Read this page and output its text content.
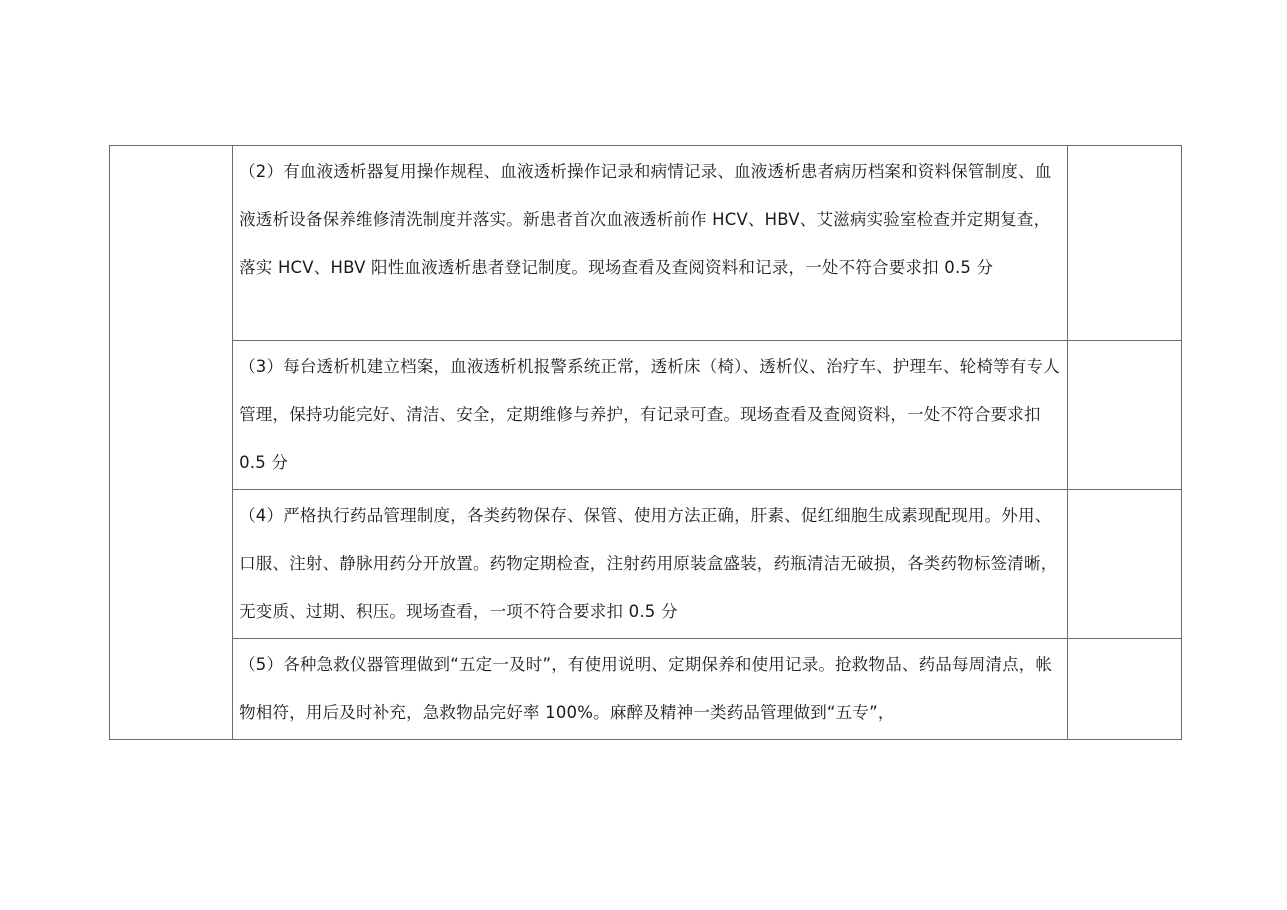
	（2）有血液透析器复用操作规程、血液透析操作记录和病情记录、血液透析患者病历档案和资料保管制度、血液透析设备保养维修清洗制度并落实。新患者首次血液透析前作 HCV、HBV、艾滋病实验室检查并定期复查，落实 HCV、HBV 阳性血液透析患者登记制度。现场查看及查阅资料和记录，一处不符合要求扣 0.5 分	

	（3）每台透析机建立档案，血液透析机报警系统正常，透析床（椅）、透析仪、治疗车、护理车、轮椅等有专人管理，保持功能完好、清洁、安全，定期维修与养护，有记录可查。现场查看及查阅资料，一处不符合要求扣 0.5 分	

	（4）严格执行药品管理制度，各类药物保存、保管、使用方法正确，肝素、促红细胞生成素现配现用。外用、口服、注射、静脉用药分开放置。药物定期检查，注射药用原装盒盛装，药瓶清洁无破损，各类药物标签清晰，无变质、过期、积压。现场查看，一项不符合要求扣 0.5 分	

	（5）各种急救仪器管理做到“五定一及时”，有使用说明、定期保养和使用记录。抢救物品、药品每周清点，帐物相符，用后及时补充，急救物品完好率 100%。麻醉及精神一类药品管理做到“五专”，	
